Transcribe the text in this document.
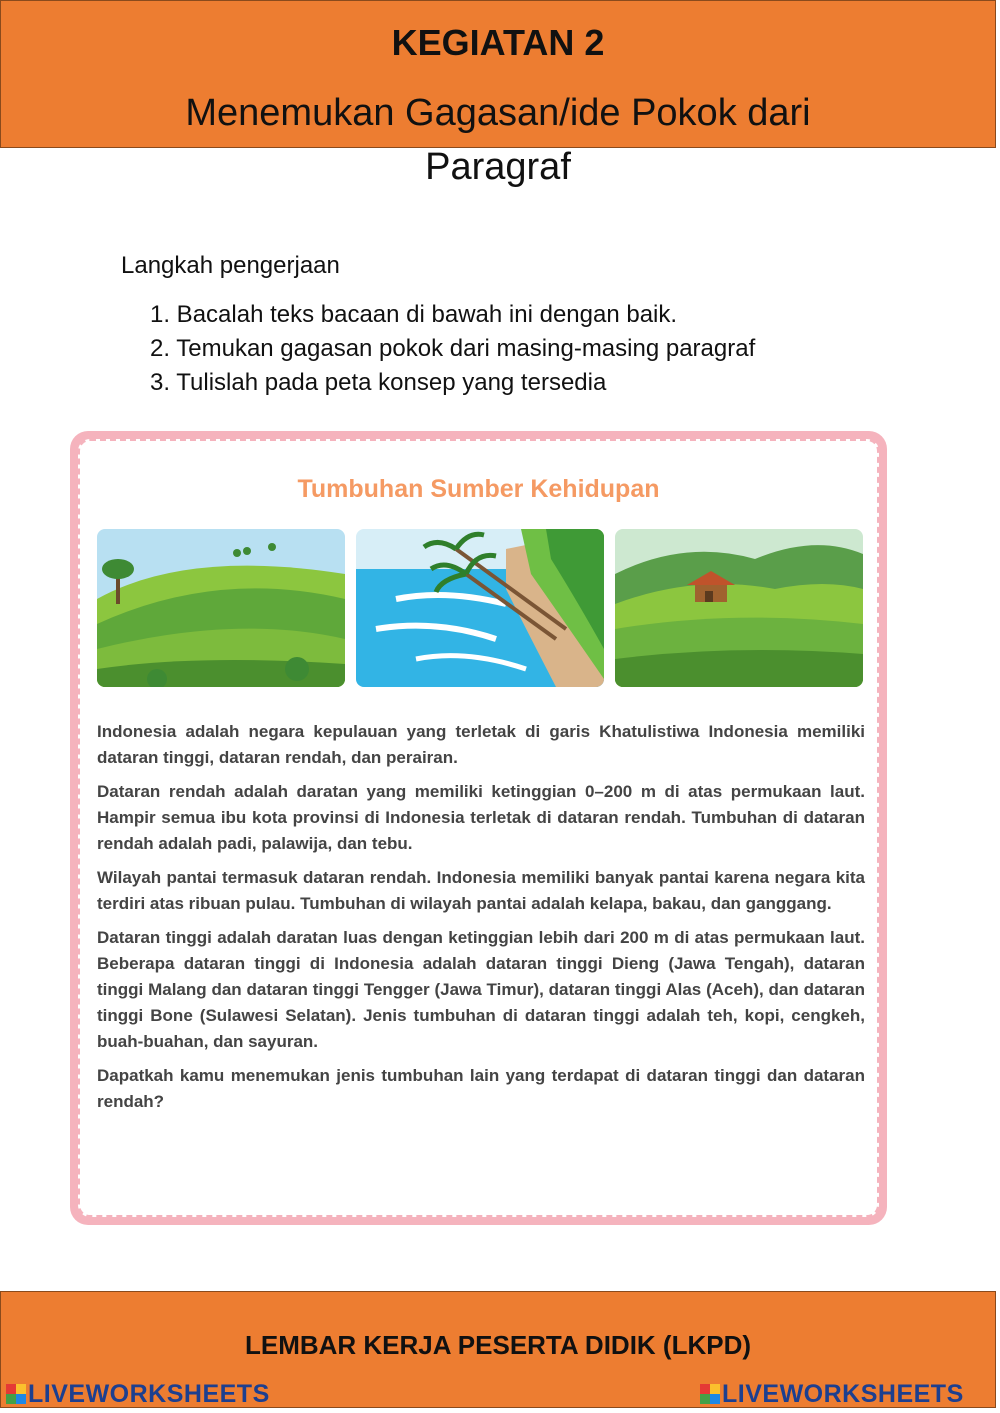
KEGIATAN 2
Menemukan Gagasan/ide Pokok dari
Paragraf
Langkah pengerjaan
1. Bacalah teks bacaan di bawah ini dengan baik.
2. Temukan gagasan pokok dari masing-masing paragraf
3. Tulislah pada peta konsep yang tersedia
Tumbuhan Sumber Kehidupan

Indonesia adalah negara kepulauan yang terletak di garis Khatulistiwa Indonesia memiliki dataran tinggi, dataran rendah, dan perairan.

Dataran rendah adalah daratan yang memiliki ketinggian 0–200 m di atas permukaan laut. Hampir semua ibu kota provinsi di Indonesia terletak di dataran rendah. Tumbuhan di dataran rendah adalah padi, palawija, dan tebu.

Wilayah pantai termasuk dataran rendah. Indonesia memiliki banyak pantai karena negara kita terdiri atas ribuan pulau. Tumbuhan di wilayah pantai adalah kelapa, bakau, dan ganggang.

Dataran tinggi adalah daratan luas dengan ketinggian lebih dari 200 m di atas permukaan laut. Beberapa dataran tinggi di Indonesia adalah dataran tinggi Dieng (Jawa Tengah), dataran tinggi Malang dan dataran tinggi Tengger (Jawa Timur), dataran tinggi Alas (Aceh), dan dataran tinggi Bone (Sulawesi Selatan). Jenis tumbuhan di dataran tinggi adalah teh, kopi, cengkeh, buah-buahan, dan sayuran.

Dapatkah kamu menemukan jenis tumbuhan lain yang terdapat di dataran tinggi dan dataran rendah?

LEMBAR KERJA PESERTA DIDIK (LKPD)
LIVEWORKSHEETS	LIVEWORKSHEETS
